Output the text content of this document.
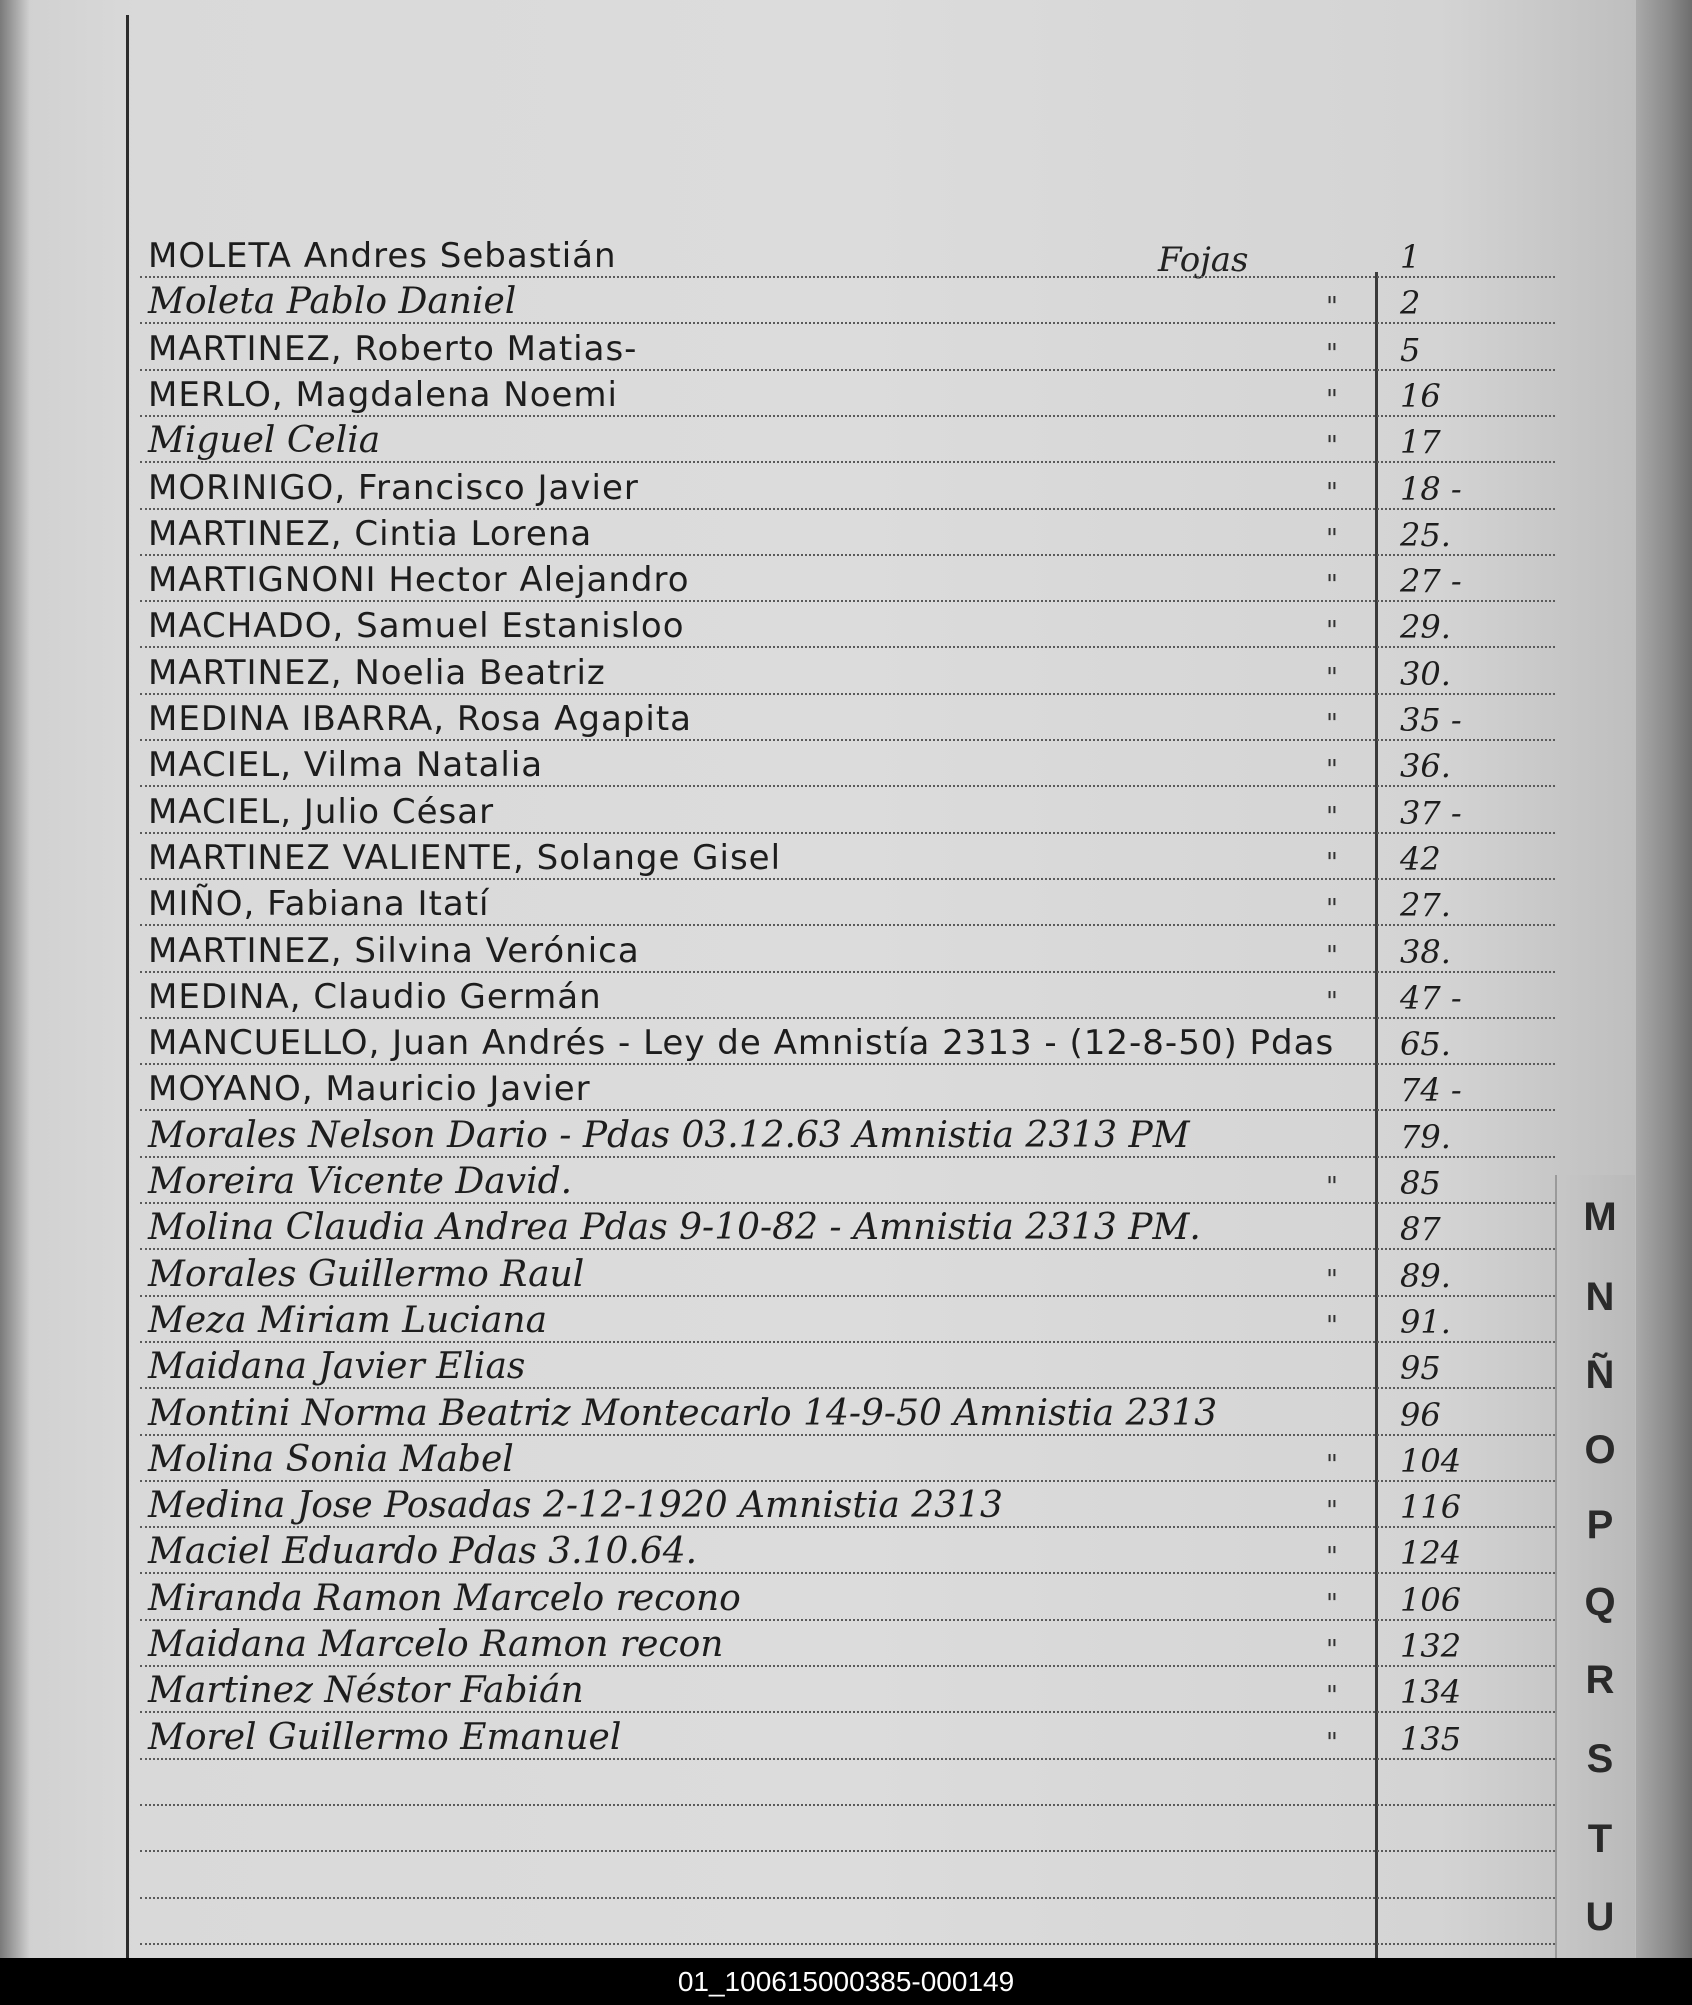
Fojas
MOLETA Andres Sebastián	1
Moleta Pablo Daniel	" 2
MARTINEZ, Roberto Matias-	" 5
MERLO, Magdalena Noemi	" 16
Miguel Celia	" 17
MORINIGO, Francisco Javier	" 18 -
MARTINEZ, Cintia Lorena	" 25.
MARTIGNONI Hector Alejandro	" 27 -
MACHADO, Samuel Estanisloo	" 29.
MARTINEZ, Noelia Beatriz	" 30.
MEDINA IBARRA, Rosa Agapita	" 35 -
MACIEL, Vilma Natalia	" 36.
MACIEL, Julio César	" 37 -
MARTINEZ VALIENTE, Solange Gisel	" 42
MIÑO, Fabiana Itatí	" 27.
MARTINEZ, Silvina Verónica	" 38.
MEDINA, Claudio Germán	" 47 -
MANCUELLO, Juan Andrés - Ley de Amnistía 2313 - (12-8-50) Pdas 65.
MOYANO, Mauricio Javier	74 -
Morales Nelson Dario - Pdas 03.12.63 Amnistia 2313 PM	79.
Moreira Vicente David.	" 85
Molina Claudia Andrea Pdas 9-10-82 - Amnistia 2313 PM.	87
Morales Guillermo Raul	" 89.
Meza Miriam Luciana	" 91.
Maidana Javier Elias	95
Montini Norma Beatriz Montecarlo 14-9-50 Amnistia 2313	96
Molina Sonia Mabel	" 104
Medina Jose Posadas 2-12-1920 Amnistia 2313	" 116
Maciel Eduardo Pdas 3.10.64.	" 124
Miranda Ramon Marcelo recono	" 106
Maidana Marcelo Ramon recon	" 132
Martinez Néstor Fabián	" 134
Morel Guillermo Emanuel	" 135
M
N
Ñ
O
P
Q
R
S
T
U
01_100615000385-000149
